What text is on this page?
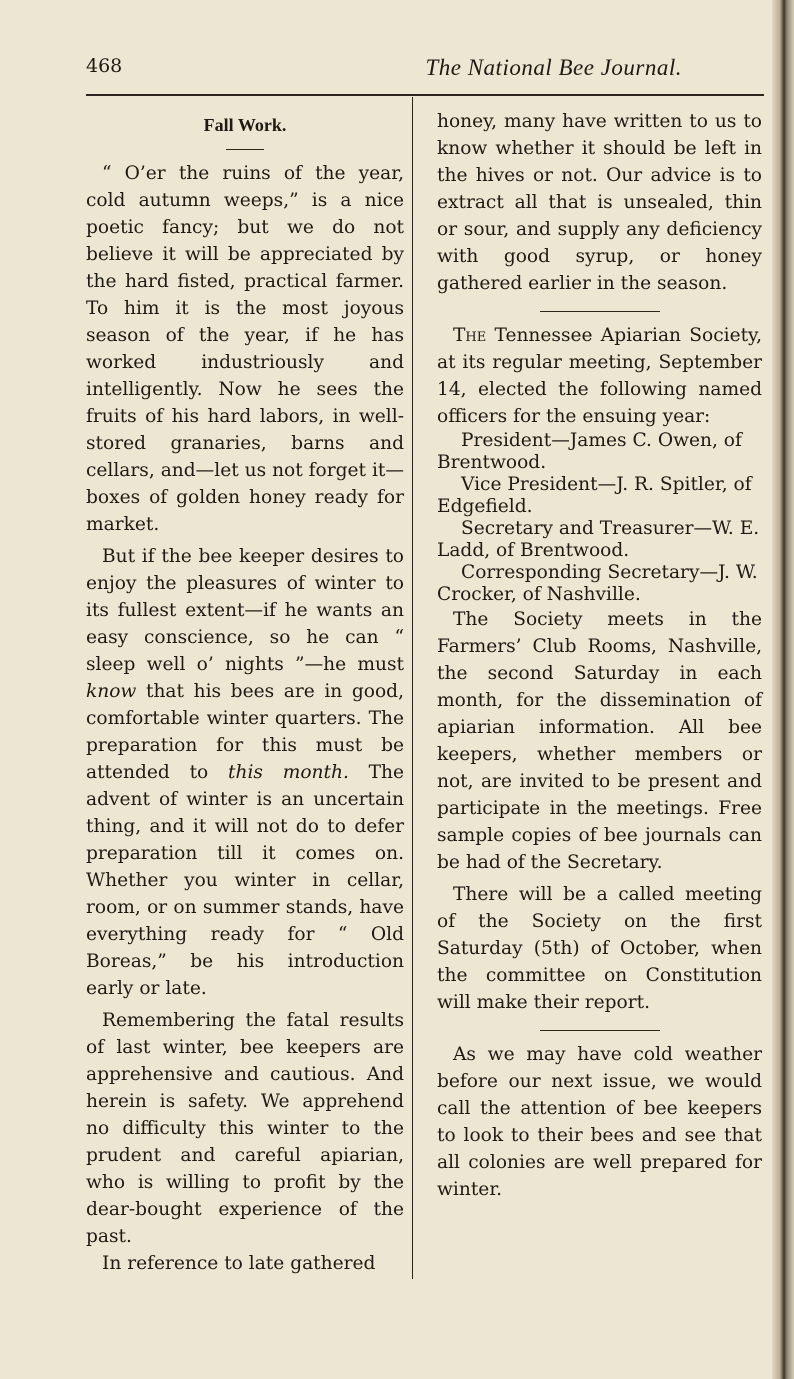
468	The National Bee Journal.
Fall Work.

“ O’er the ruins of the year, cold autumn weeps,” is a nice poetic fancy; but we do not believe it will be appreciated by the hard fisted, practical farmer. To him it is the most joyous season of the year, if he has worked industriously and intelligently. Now he sees the fruits of his hard labors, in well-stored granaries, barns and cellars, and—let us not forget it—boxes of golden honey ready for market.

But if the bee keeper desires to enjoy the pleasures of winter to its fullest extent—if he wants an easy conscience, so he can “ sleep well o’ nights ”—he must know that his bees are in good, comfortable winter quarters. The preparation for this must be attended to this month. The advent of winter is an uncertain thing, and it will not do to defer preparation till it comes on. Whether you winter in cellar, room, or on summer stands, have everything ready for “ Old Boreas,” be his introduction early or late.

Remembering the fatal results of last winter, bee keepers are apprehensive and cautious. And herein is safety. We apprehend no difficulty this winter to the prudent and careful apiarian, who is willing to profit by the dear-bought experience of the past.

In reference to late gathered

honey, many have written to us to know whether it should be left in the hives or not. Our advice is to extract all that is unsealed, thin or sour, and supply any deficiency with good syrup, or honey gathered earlier in the season.

The Tennessee Apiarian Society, at its regular meeting, September 14, elected the following named officers for the ensuing year:

President—James C. Owen, of Brentwood.

Vice President—J. R. Spitler, of Edgefield.

Secretary and Treasurer—W. E. Ladd, of Brentwood.

Corresponding Secretary—J. W. Crocker, of Nashville.

The Society meets in the Farmers’ Club Rooms, Nashville, the second Saturday in each month, for the dissemination of apiarian information. All bee keepers, whether members or not, are invited to be present and participate in the meetings. Free sample copies of bee journals can be had of the Secretary.

There will be a called meeting of the Society on the first Saturday (5th) of October, when the committee on Constitution will make their report.

As we may have cold weather before our next issue, we would call the attention of bee keepers to look to their bees and see that all colonies are well prepared for winter.
